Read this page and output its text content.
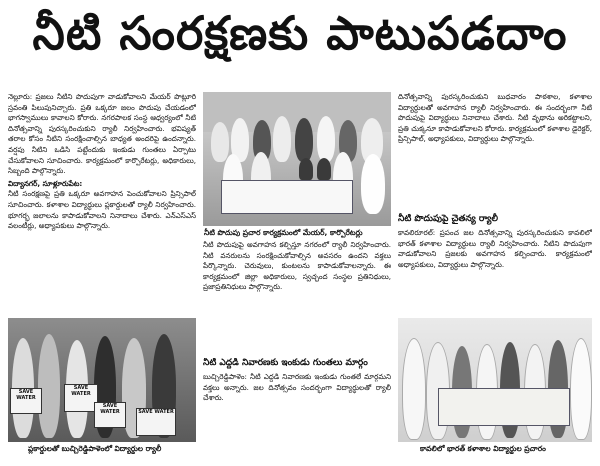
నీటి సంరక్షణకు పాటుపడదాం

నెల్లూరు: ప్రజలు నీటిని పొదుపుగా వాడుకోవాలని మేయర్ పొట్లూరి స్రవంతి పిలుపునిచ్చారు. ప్రతి ఒక్కరూ జలం పొదుపు చేయడంలో భాగస్వాములు కావాలని కోరారు. నగరపాలక సంస్థ ఆధ్వర్యంలో నీటి దినోత్సవాన్ని పురస్కరించుకుని ర్యాలీ నిర్వహించారు. భవిష్యత్ తరాల కోసం నీటిని సంరక్షించాల్సిన బాధ్యత అందరిపై ఉందన్నారు. వర్షపు నీటిని ఒడిసి పట్టేందుకు ఇంకుడు గుంతలు ఏర్పాటు చేసుకోవాలని సూచించారు. కార్యక్రమంలో కార్పొరేటర్లు, అధికారులు, సిబ్బంది పాల్గొన్నారు.

విద్యానగర్, సూళ్లూరుపేట:

నీటి సంరక్షణపై ప్రతి ఒక్కరూ అవగాహన పెంచుకోవాలని ప్రిన్సిపాల్ సూచించారు. కళాశాల విద్యార్థులు ప్లకార్డులతో ర్యాలీ నిర్వహించారు. భూగర్భ జలాలను కాపాడుకోవాలని నినాదాలు చేశారు. ఎన్ఎస్ఎస్ వలంటీర్లు, అధ్యాపకులు పాల్గొన్నారు.

నీటి పొదుపు ప్రచార కార్యక్రమంలో మేయర్, కార్పొరేటర్లు

నీటి పొదుపుపై అవగాహన కల్పిస్తూ నగరంలో ర్యాలీ నిర్వహించారు. నీటి వనరులను సంరక్షించుకోవాల్సిన అవసరం ఉందని వక్తలు పేర్కొన్నారు. చెరువులు, కుంటలను కాపాడుకోవాలన్నారు. ఈ కార్యక్రమంలో జిల్లా అధికారులు, స్వచ్ఛంద సంస్థల ప్రతినిధులు, ప్రజాప్రతినిధులు పాల్గొన్నారు.

నీటి ఎద్దడి నివారణకు ఇంకుడు గుంతలు మార్గం

బుచ్చిరెడ్డిపాళెం: నీటి ఎద్దడి నివారణకు ఇంకుడు గుంతలే మార్గమని వక్తలు అన్నారు. జల దినోత్సవం సందర్భంగా విద్యార్థులతో ర్యాలీ చేశారు.

దినోత్సవాన్ని పురస్కరించుకుని బుధవారం పాఠశాల, కళాశాల విద్యార్థులతో అవగాహన ర్యాలీ నిర్వహించారు. ఈ సందర్భంగా నీటి పొదుపుపై విద్యార్థులు నినాదాలు చేశారు. నీటి వృథాను అరికట్టాలని, ప్రతి చుక్కనూ కాపాడుకోవాలని కోరారు. కార్యక్రమంలో కళాశాల డైరెక్టర్, ప్రిన్సిపాల్, అధ్యాపకులు, విద్యార్థులు పాల్గొన్నారు.

నీటి పొదుపుపై చైతన్య ర్యాలీ

కావలిరూరల్: ప్రపంచ జల దినోత్సవాన్ని పురస్కరించుకుని కావలిలో భారత్ కళాశాల విద్యార్థులు ర్యాలీ నిర్వహించారు. నీటిని పొదుపుగా వాడుకోవాలని ప్రజలకు అవగాహన కల్పించారు. కార్యక్రమంలో అధ్యాపకులు, విద్యార్థులు పాల్గొన్నారు.

SAVE WATER
SAVE WATER
SAVE WATER	SAVE WATER
ప్లకార్డులతో బుచ్చిరెడ్డిపాళెంలో విద్యార్థుల ర్యాలీ	కావలిలో భారత్ కళాశాల విద్యార్థుల ప్రచారం
